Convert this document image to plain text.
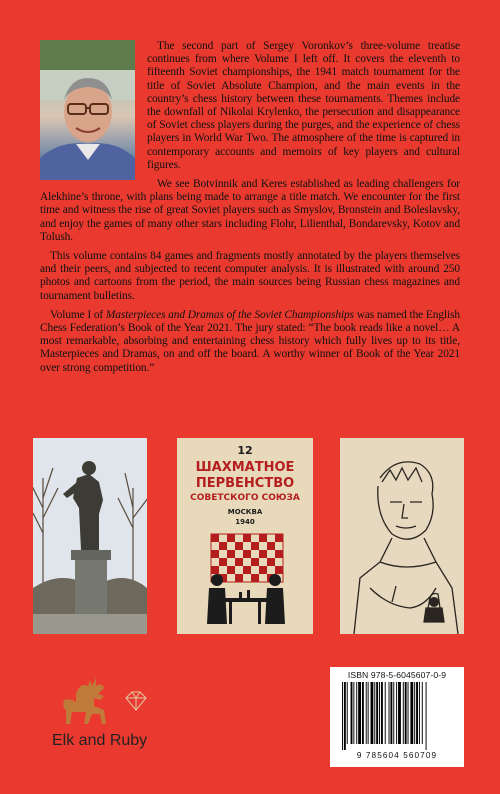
The second part of Sergey Voronkov’s three-volume treatise continues from where Volume I left off. It covers the eleventh to fifteenth Soviet championships, the 1941 match tournament for the title of Soviet Absolute Champion, and the main events in the country’s chess history between these tournaments. Themes include the downfall of Nikolai Krylenko, the persecution and disappearance of Soviet chess players during the purges, and the experience of chess players in World War Two. The atmosphere of the time is captured in contemporary accounts and memoirs of key players and cultural figures.

We see Botvinnik and Keres established as leading challengers for Alekhine’s throne, with plans being made to arrange a title match. We encounter for the first time and witness the rise of great Soviet players such as Smyslov, Bronstein and Boleslavsky, and enjoy the games of many other stars including Flohr, Lilienthal, Bondarevsky, Kotov and Tolush.

This volume contains 84 games and fragments mostly annotated by the players themselves and their peers, and subjected to recent computer analysis. It is illustrated with around 250 photos and cartoons from the period, the main sources being Russian chess magazines and tournament bulletins.

Volume I of Masterpieces and Dramas of the Soviet Championships was named the English Chess Federation’s Book of the Year 2021. The jury stated: “The book reads like a novel… A most remarkable, absorbing and entertaining chess history which fully lives up to its title, Masterpieces and Dramas, on and off the board. A worthy winner of Book of the Year 2021 over strong competition.”

12
ШАХМАТНОЕ
ПЕРВЕНСТВО
СОВЕТСКОГО СОЮЗА
МОСКВА
1940
Elk and Ruby
ISBN 978-5-6045607-0-9
9 785604 560709
